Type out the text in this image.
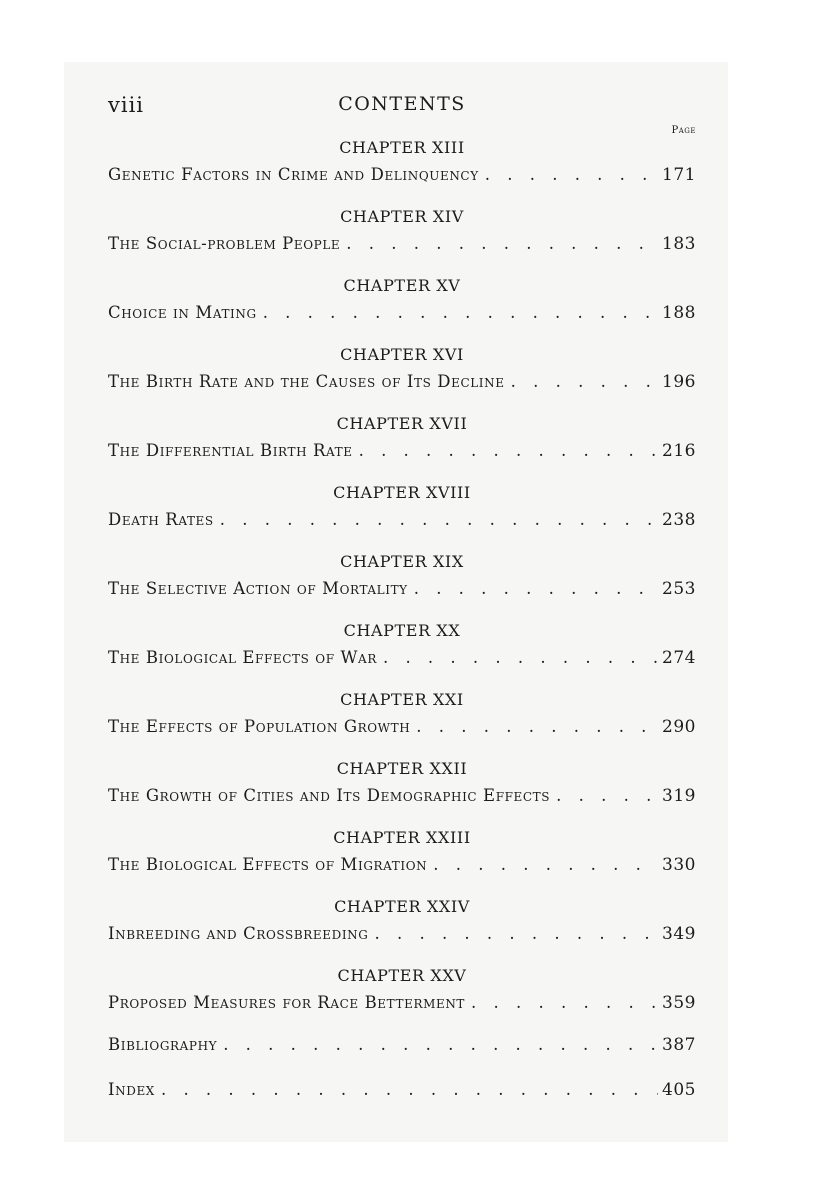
viii	CONTENTS
Page
CHAPTER XIII
Genetic Factors in Crime and Delinquency . . .	171
CHAPTER XIV
The Social-problem People . . .	183
CHAPTER XV
Choice in Mating . . .	188
CHAPTER XVI
The Birth Rate and the Causes of Its Decline . . .	196
CHAPTER XVII
The Differential Birth Rate . . .	216
CHAPTER XVIII
Death Rates . . .	238
CHAPTER XIX
The Selective Action of Mortality . . .	253
CHAPTER XX
The Biological Effects of War . . .	274
CHAPTER XXI
The Effects of Population Growth . . .	290
CHAPTER XXII
The Growth of Cities and Its Demographic Effects . . .	319
CHAPTER XXIII
The Biological Effects of Migration . . .	330
CHAPTER XXIV
Inbreeding and Crossbreeding . . .	349
CHAPTER XXV
Proposed Measures for Race Betterment . . .	359
Bibliography . . .	387
Index . . .	405
